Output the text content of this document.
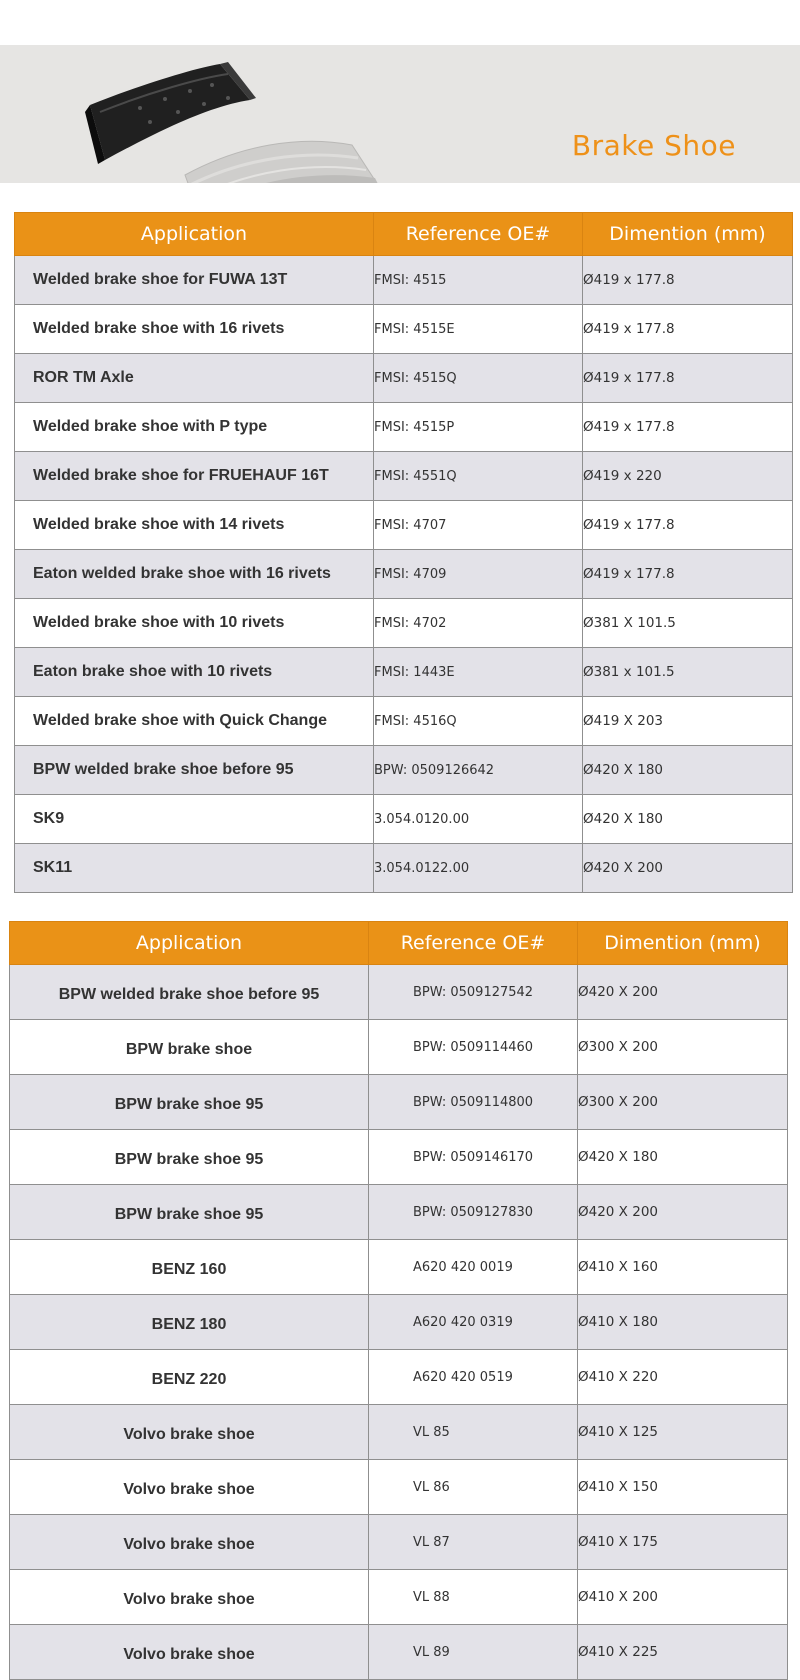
Brake Shoe
Application	Reference OE#	Dimention (mm)
Welded brake shoe for FUWA 13T	FMSI: 4515	Ø419 x 177.8
Welded brake shoe with 16 rivets	FMSI: 4515E	Ø419 x 177.8
ROR TM Axle	FMSI: 4515Q	Ø419 x 177.8
Welded brake shoe with P type	FMSI: 4515P	Ø419 x 177.8
Welded brake shoe for FRUEHAUF 16T	FMSI: 4551Q	Ø419 x 220
Welded brake shoe with 14 rivets	FMSI: 4707	Ø419 x 177.8
Eaton welded brake shoe with 16 rivets	FMSI: 4709	Ø419 x 177.8
Welded brake shoe with 10 rivets	FMSI: 4702	Ø381 X 101.5
Eaton brake shoe with 10 rivets	FMSI: 1443E	Ø381 x 101.5
Welded brake shoe with Quick Change	FMSI: 4516Q	Ø419 X 203
BPW welded brake shoe before 95	BPW: 0509126642	Ø420 X 180
SK9	3.054.0120.00	Ø420 X 180
SK11	3.054.0122.00	Ø420 X 200
Application	Reference OE#	Dimention (mm)
BPW welded brake shoe before 95	BPW: 0509127542	Ø420 X 200
BPW brake shoe	BPW: 0509114460	Ø300 X 200
BPW brake shoe 95	BPW: 0509114800	Ø300 X 200
BPW brake shoe 95	BPW: 0509146170	Ø420 X 180
BPW brake shoe 95	BPW: 0509127830	Ø420 X 200
BENZ 160	A620 420 0019	Ø410 X 160
BENZ 180	A620 420 0319	Ø410 X 180
BENZ 220	A620 420 0519	Ø410 X 220
Volvo brake shoe	VL 85	Ø410 X 125
Volvo brake shoe	VL 86	Ø410 X 150
Volvo brake shoe	VL 87	Ø410 X 175
Volvo brake shoe	VL 88	Ø410 X 200
Volvo brake shoe	VL 89	Ø410 X 225
